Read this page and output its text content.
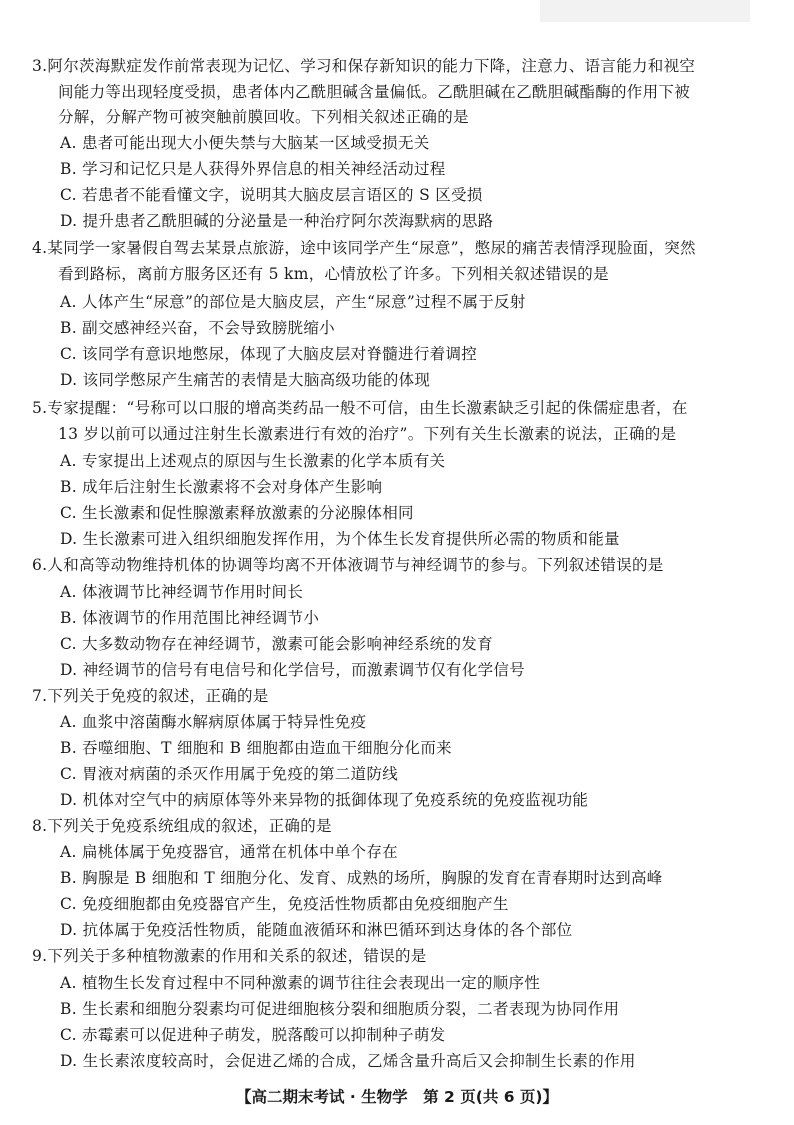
3.阿尔茨海默症发作前常表现为记忆、学习和保存新知识的能力下降，注意力、语言能力和视空
间能力等出现轻度受损，患者体内乙酰胆碱含量偏低。乙酰胆碱在乙酰胆碱酯酶的作用下被
分解，分解产物可被突触前膜回收。下列相关叙述正确的是
A. 患者可能出现大小便失禁与大脑某一区域受损无关
B. 学习和记忆只是人获得外界信息的相关神经活动过程
C. 若患者不能看懂文字，说明其大脑皮层言语区的 S 区受损
D. 提升患者乙酰胆碱的分泌量是一种治疗阿尔茨海默病的思路
4.某同学一家暑假自驾去某景点旅游，途中该同学产生“尿意”，憋尿的痛苦表情浮现脸面，突然
看到路标，离前方服务区还有 5 km，心情放松了许多。下列相关叙述错误的是
A. 人体产生“尿意”的部位是大脑皮层，产生“尿意”过程不属于反射
B. 副交感神经兴奋，不会导致膀胱缩小
C. 该同学有意识地憋尿，体现了大脑皮层对脊髓进行着调控
D. 该同学憋尿产生痛苦的表情是大脑高级功能的体现
5.专家提醒：“号称可以口服的增高类药品一般不可信，由生长激素缺乏引起的侏儒症患者，在
13 岁以前可以通过注射生长激素进行有效的治疗”。下列有关生长激素的说法，正确的是
A. 专家提出上述观点的原因与生长激素的化学本质有关
B. 成年后注射生长激素将不会对身体产生影响
C. 生长激素和促性腺激素释放激素的分泌腺体相同
D. 生长激素可进入组织细胞发挥作用，为个体生长发育提供所必需的物质和能量
6.人和高等动物维持机体的协调等均离不开体液调节与神经调节的参与。下列叙述错误的是
A. 体液调节比神经调节作用时间长
B. 体液调节的作用范围比神经调节小
C. 大多数动物存在神经调节，激素可能会影响神经系统的发育
D. 神经调节的信号有电信号和化学信号，而激素调节仅有化学信号
7.下列关于免疫的叙述，正确的是
A. 血浆中溶菌酶水解病原体属于特异性免疫
B. 吞噬细胞、T 细胞和 B 细胞都由造血干细胞分化而来
C. 胃液对病菌的杀灭作用属于免疫的第二道防线
D. 机体对空气中的病原体等外来异物的抵御体现了免疫系统的免疫监视功能
8.下列关于免疫系统组成的叙述，正确的是
A. 扁桃体属于免疫器官，通常在机体中单个存在
B. 胸腺是 B 细胞和 T 细胞分化、发育、成熟的场所，胸腺的发育在青春期时达到高峰
C. 免疫细胞都由免疫器官产生，免疫活性物质都由免疫细胞产生
D. 抗体属于免疫活性物质，能随血液循环和淋巴循环到达身体的各个部位
9.下列关于多种植物激素的作用和关系的叙述，错误的是
A. 植物生长发育过程中不同种激素的调节往往会表现出一定的顺序性
B. 生长素和细胞分裂素均可促进细胞核分裂和细胞质分裂，二者表现为协同作用
C. 赤霉素可以促进种子萌发，脱落酸可以抑制种子萌发
D. 生长素浓度较高时，会促进乙烯的合成，乙烯含量升高后又会抑制生长素的作用
【高二期末考试 · 生物学　第 2 页(共 6 页)】
